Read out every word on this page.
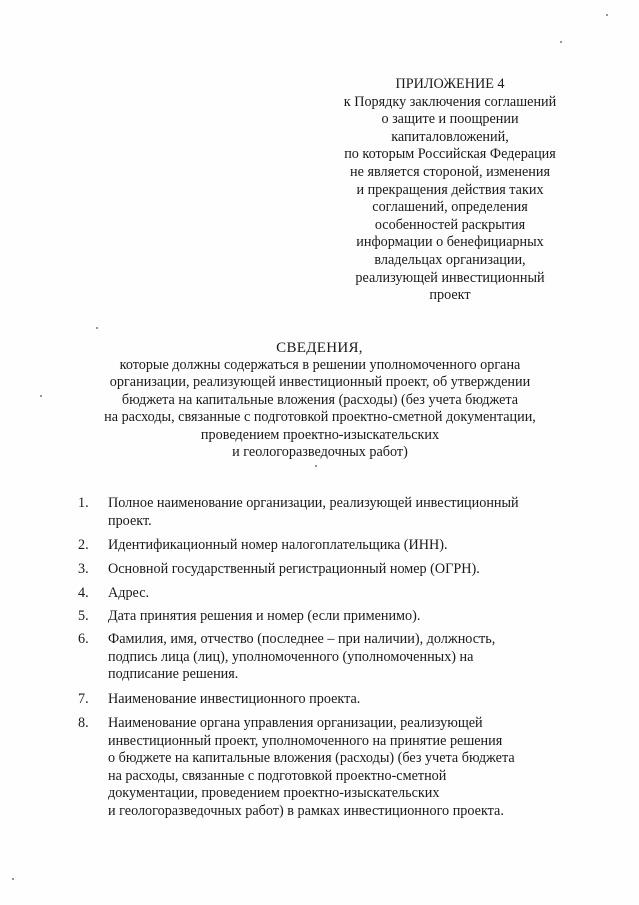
ПРИЛОЖЕНИЕ 4
к Порядку заключения соглашений
о защите и поощрении
капиталовложений,
по которым Российская Федерация
не является стороной, изменения
и прекращения действия таких
соглашений, определения
особенностей раскрытия
информации о бенефициарных
владельцах организации,
реализующей инвестиционный
проект
СВЕДЕНИЯ,
которые должны содержаться в решении уполномоченного органа
организации, реализующей инвестиционный проект, об утверждении
бюджета на капитальные вложения (расходы) (без учета бюджета
на расходы, связанные с подготовкой проектно-сметной документации,
проведением проектно-изыскательских
и геологоразведочных работ)
1. Полное наименование организации, реализующей инвестиционный
проект.
2. Идентификационный номер налогоплательщика (ИНН).
3. Основной государственный регистрационный номер (ОГРН).
4. Адрес.
5. Дата принятия решения и номер (если применимо).
6. Фамилия, имя, отчество (последнее – при наличии), должность,
подпись лица (лиц), уполномоченного (уполномоченных) на
подписание решения.
7. Наименование инвестиционного проекта.
8. Наименование органа управления организации, реализующей
инвестиционный проект, уполномоченного на принятие решения
о бюджете на капитальные вложения (расходы) (без учета бюджета
на расходы, связанные с подготовкой проектно-сметной
документации, проведением проектно-изыскательских
и геологоразведочных работ) в рамках инвестиционного проекта.
